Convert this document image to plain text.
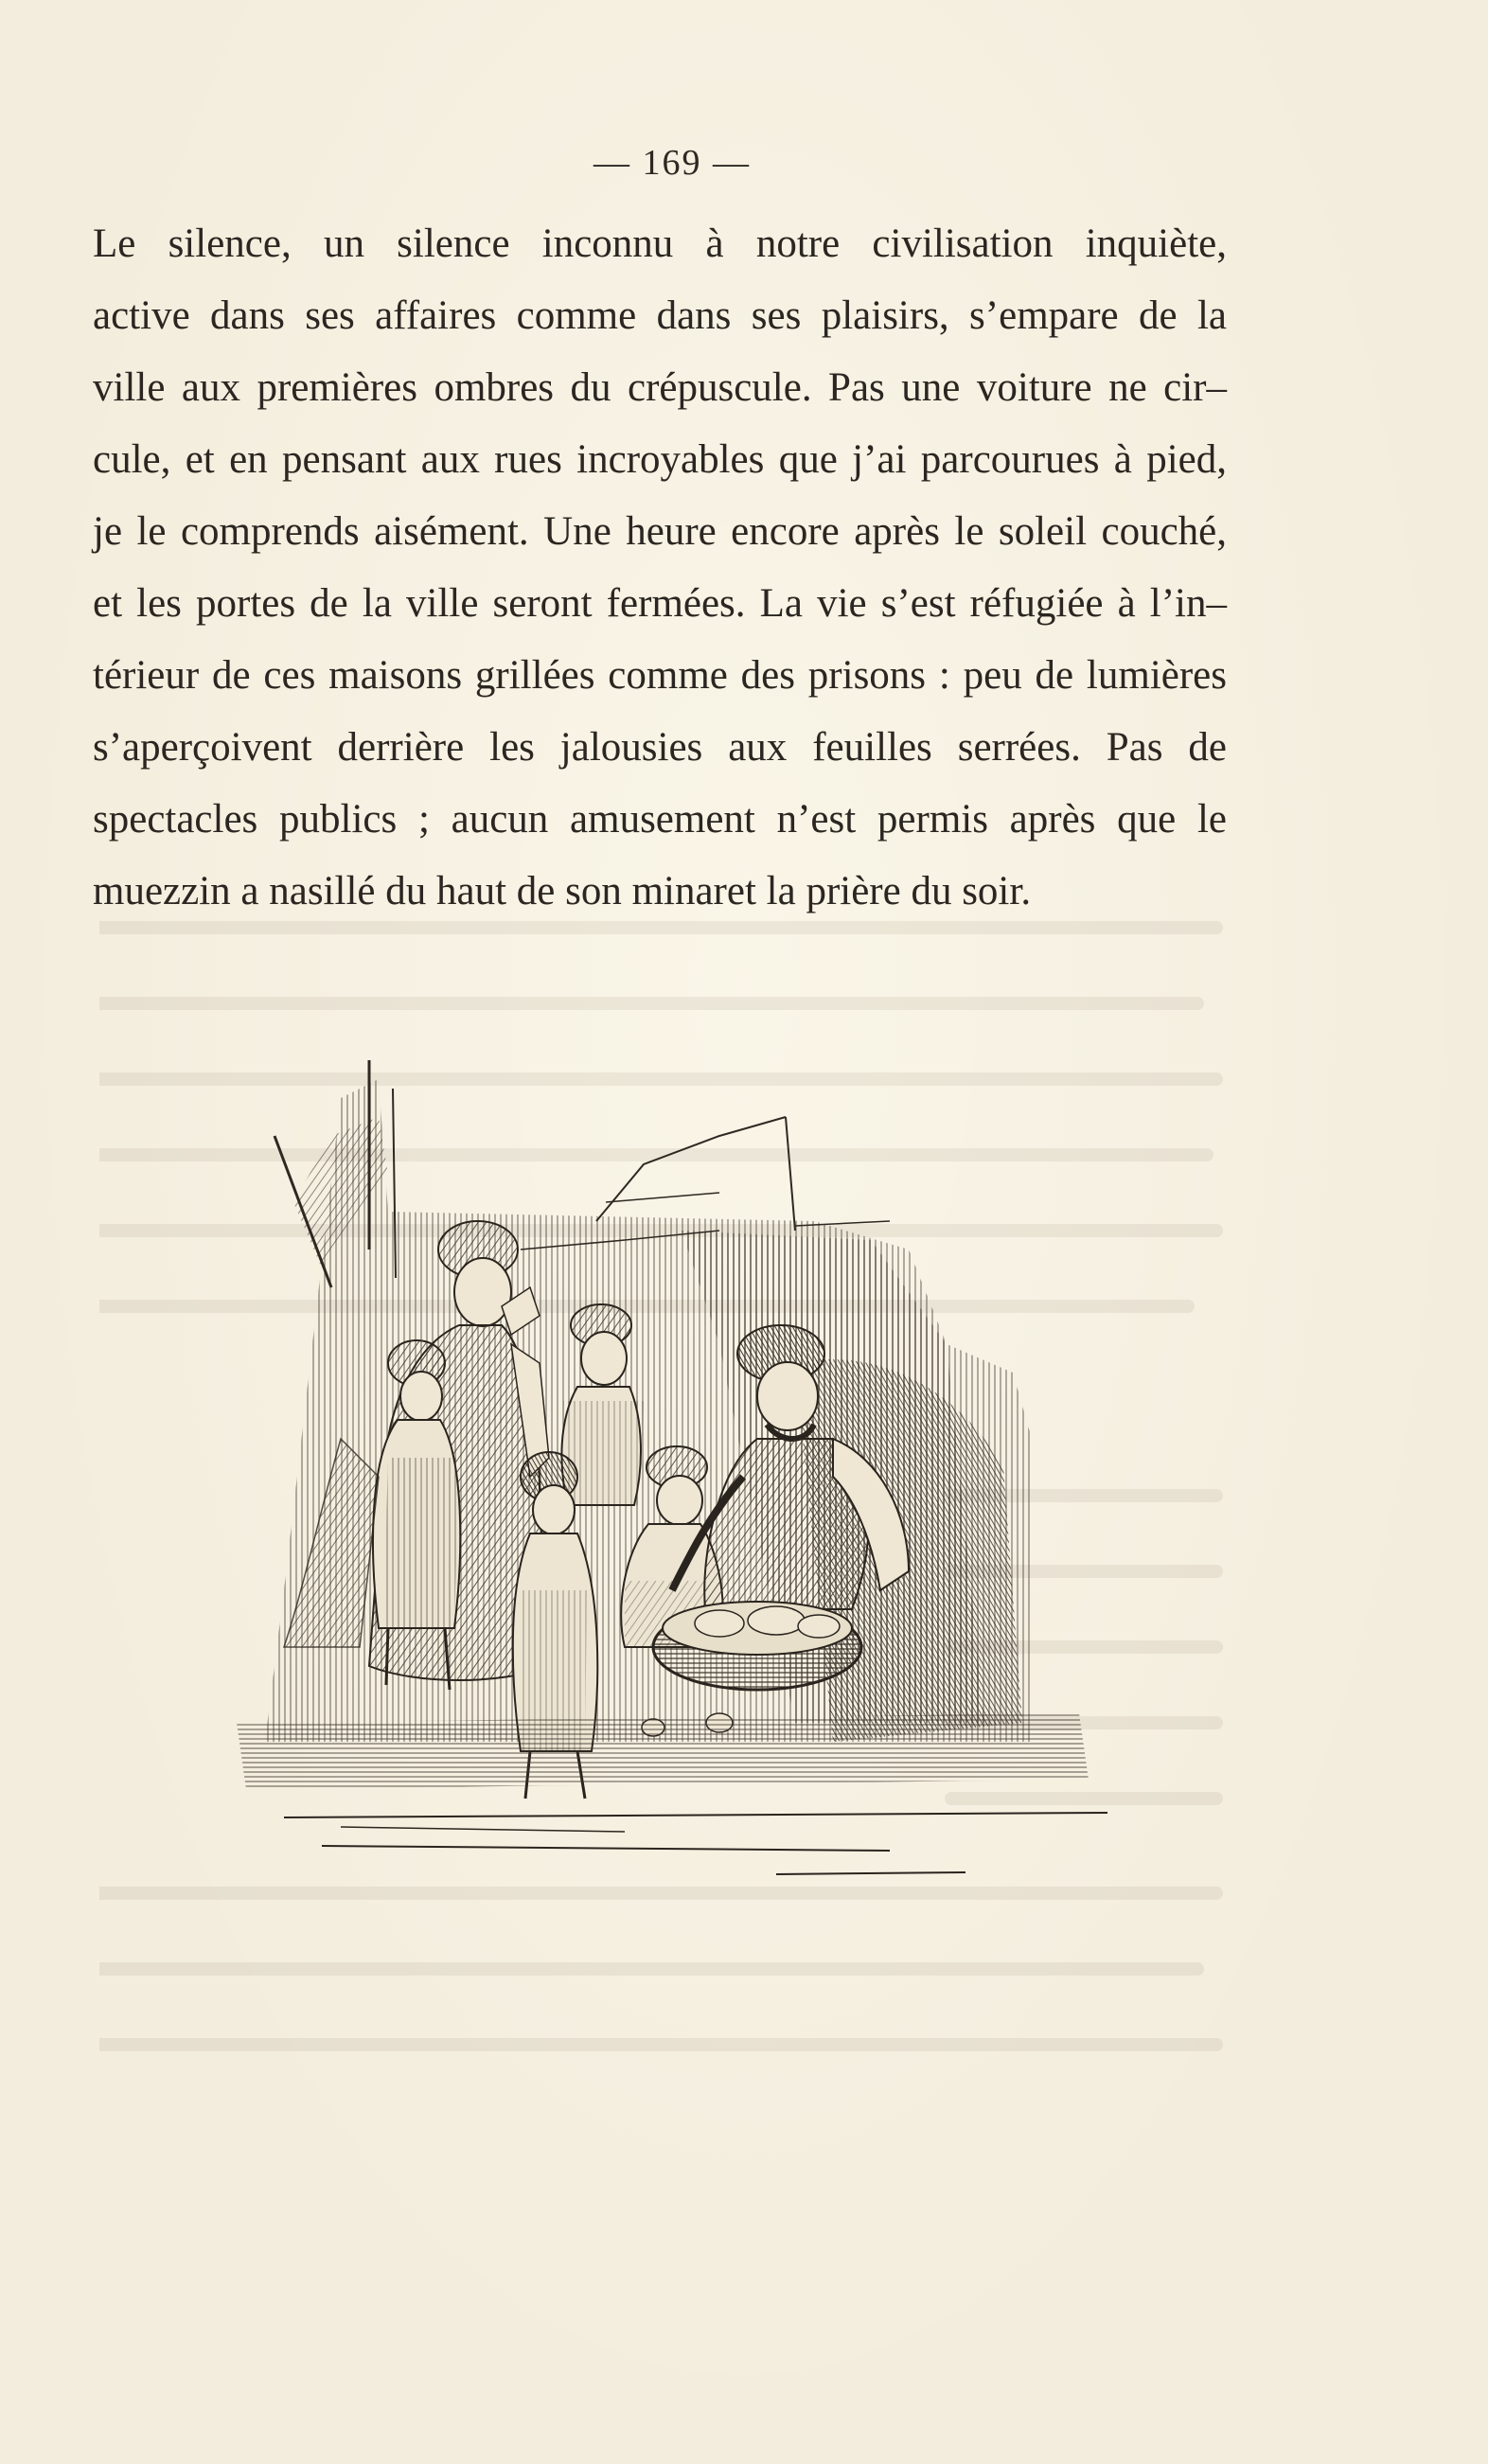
— 169 —
Le silence, un silence inconnu à notre civilisation inquiète,
active dans ses affaires comme dans ses plaisirs, s’empare de la
ville aux premières ombres du crépuscule. Pas une voiture ne cir–
cule, et en pensant aux rues incroyables que j’ai parcourues à pied,
je le comprends aisément. Une heure encore après le soleil couché,
et les portes de la ville seront fermées. La vie s’est réfugiée à l’in–
térieur de ces maisons grillées comme des prisons : peu de lumières
s’aperçoivent derrière les jalousies aux feuilles serrées. Pas de
spectacles publics ; aucun amusement n’est permis après que le
muezzin a nasillé du haut de son minaret la prière du soir.
